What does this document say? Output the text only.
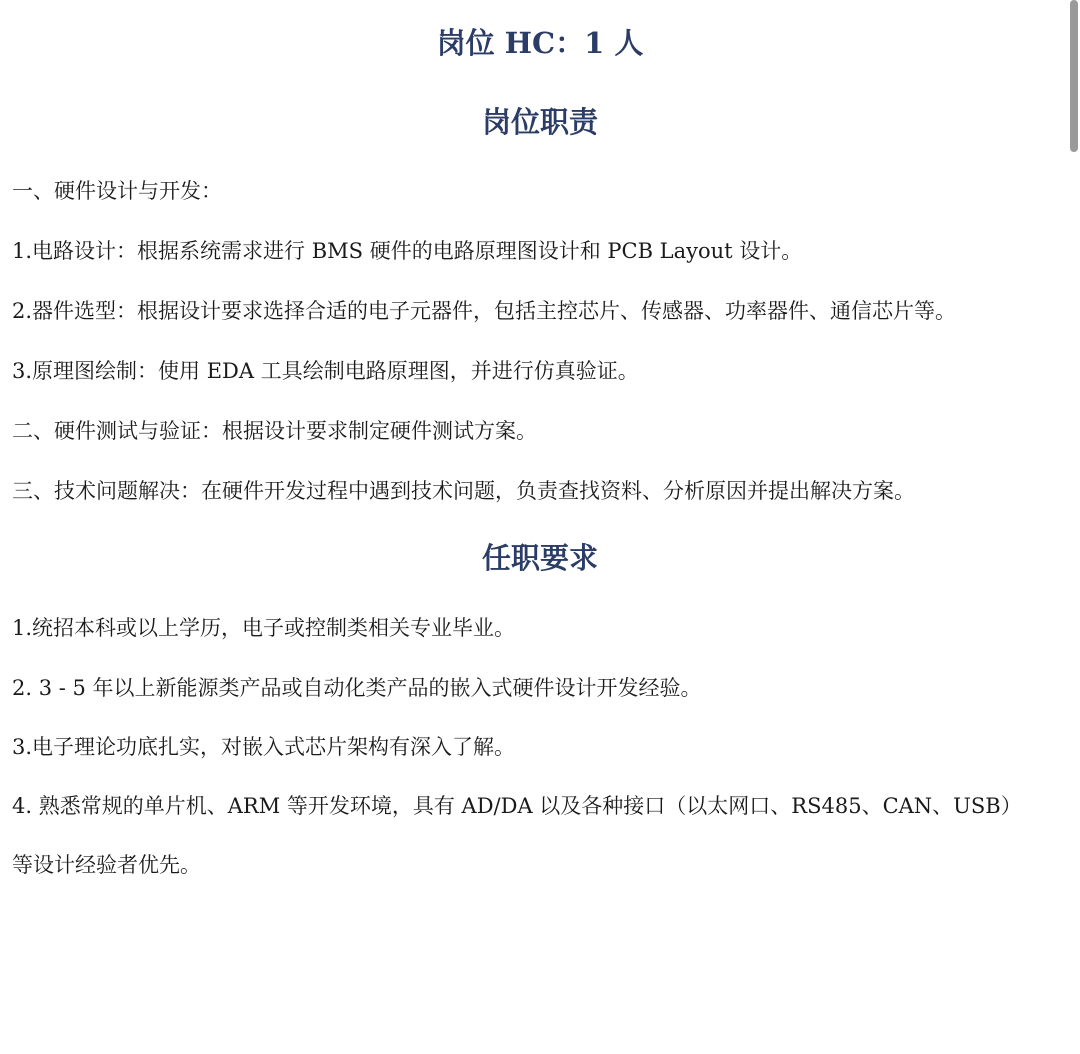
岗位 HC：1 人
岗位职责

一、硬件设计与开发：

1.电路设计：根据系统需求进行 BMS 硬件的电路原理图设计和 PCB Layout 设计。

2.器件选型：根据设计要求选择合适的电子元器件，包括主控芯片、传感器、功率器件、通信芯片等。

3.原理图绘制：使用 EDA 工具绘制电路原理图，并进行仿真验证。

二、硬件测试与验证：根据设计要求制定硬件测试方案。

三、技术问题解决：在硬件开发过程中遇到技术问题，负责查找资料、分析原因并提出解决方案。

任职要求

1.统招本科或以上学历，电子或控制类相关专业毕业。

2. 3 - 5 年以上新能源类产品或自动化类产品的嵌入式硬件设计开发经验。

3.电子理论功底扎实，对嵌入式芯片架构有深入了解。

4. 熟悉常规的单片机、ARM 等开发环境，具有 AD/DA 以及各种接口（以太网口、RS485、CAN、USB）

等设计经验者优先。
